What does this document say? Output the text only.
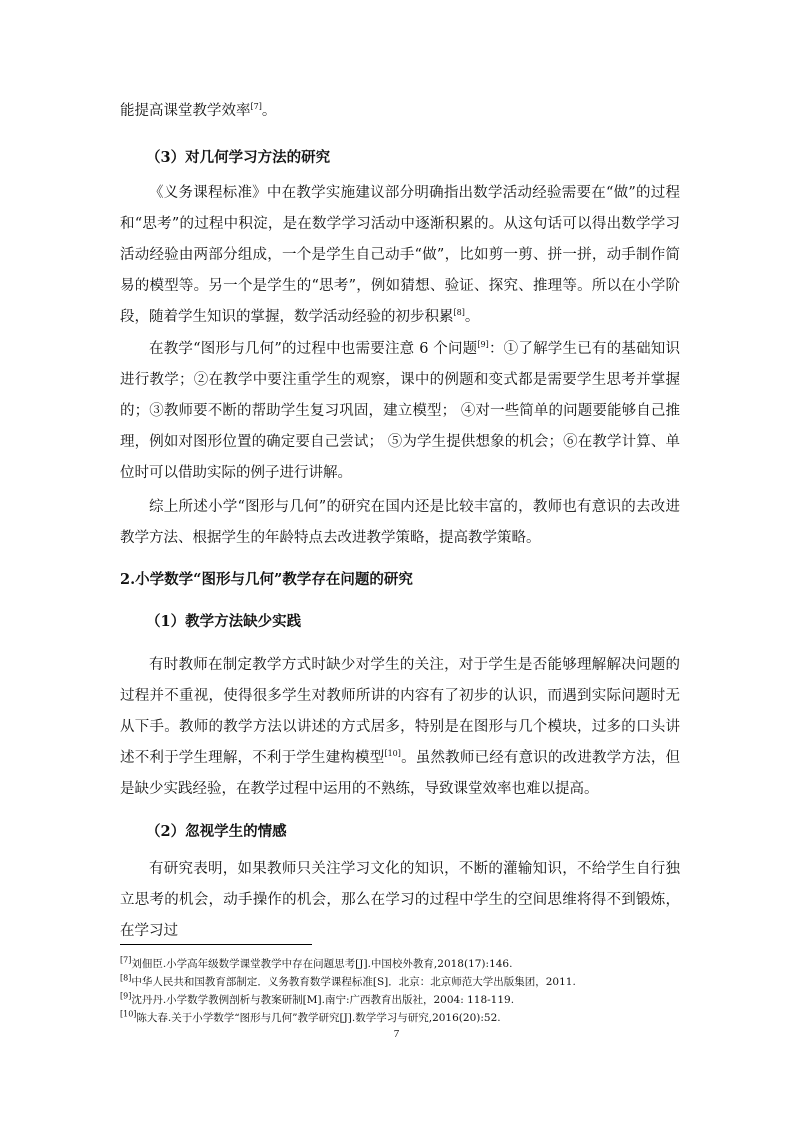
能提高课堂教学效率[7]。

（3）对几何学习方法的研究

《义务课程标准》中在教学实施建议部分明确指出数学活动经验需要在“做”的过程和“思考”的过程中积淀，是在数学学习活动中逐渐积累的。从这句话可以得出数学学习活动经验由两部分组成，一个是学生自己动手“做”，比如剪一剪、拼一拼，动手制作简易的模型等。另一个是学生的“思考”，例如猜想、验证、探究、推理等。所以在小学阶段，随着学生知识的掌握，数学活动经验的初步积累[8]。

在教学“图形与几何”的过程中也需要注意 6 个问题[9]：①了解学生已有的基础知识进行教学；②在教学中要注重学生的观察，课中的例题和变式都是需要学生思考并掌握的；③教师要不断的帮助学生复习巩固，建立模型； ④对一些简单的问题要能够自己推理，例如对图形位置的确定要自己尝试； ⑤为学生提供想象的机会；⑥在教学计算、单位时可以借助实际的例子进行讲解。

综上所述小学“图形与几何”的研究在国内还是比较丰富的，教师也有意识的去改进教学方法、根据学生的年龄特点去改进教学策略，提高教学策略。

2.小学数学“图形与几何”教学存在问题的研究

（1）教学方法缺少实践

有时教师在制定教学方式时缺少对学生的关注，对于学生是否能够理解解决问题的过程并不重视，使得很多学生对教师所讲的内容有了初步的认识，而遇到实际问题时无从下手。教师的教学方法以讲述的方式居多，特别是在图形与几个模块，过多的口头讲述不利于学生理解，不利于学生建构模型[10]。虽然教师已经有意识的改进教学方法，但是缺少实践经验，在教学过程中运用的不熟练，导致课堂效率也难以提高。

（2）忽视学生的情感

有研究表明，如果教师只关注学习文化的知识，不断的灌输知识，不给学生自行独立思考的机会，动手操作的机会，那么在学习的过程中学生的空间思维将得不到锻炼，在学习过

[7]刘佃臣.小学高年级数学课堂教学中存在问题思考[J].中国校外教育,2018(17):146.

[8]中华人民共和国教育部制定．义务教育数学课程标准[S]．北京：北京师范大学出版集团，2011.

[9]沈丹丹.小学数学教例剖析与教案研制[M].南宁:广西教育出版社，2004: 118-119.

[10]陈大春.关于小学数学“图形与几何”教学研究[J].数学学习与研究,2016(20):52.

7
